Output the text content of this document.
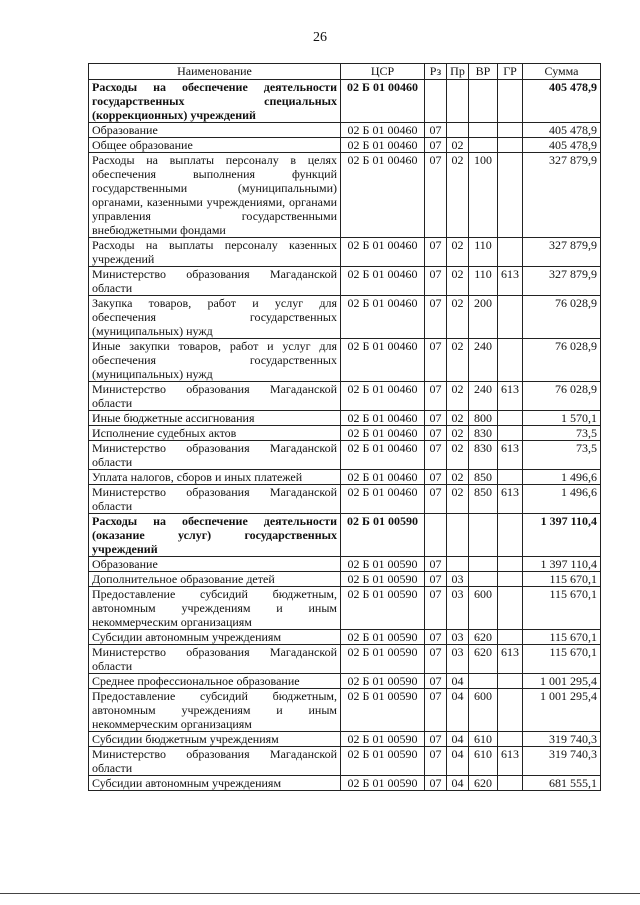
26
Наименование	ЦСР	Рз	Пр	ВР	ГР	Сумма
Расходы на обеспечение деятельности государственных специальных (коррекционных) учреждений	02 Б 01 00460					405 478,9
Образование	02 Б 01 00460	07				405 478,9
Общее образование	02 Б 01 00460	07	02			405 478,9
Расходы на выплаты персоналу в целях обеспечения выполнения функций государственными (муниципальными) органами, казенными учреждениями, органами управления государственными внебюджетными фондами	02 Б 01 00460	07	02	100		327 879,9
Расходы на выплаты персоналу казенных учреждений	02 Б 01 00460	07	02	110		327 879,9
Министерство образования Магаданской области	02 Б 01 00460	07	02	110	613	327 879,9
Закупка товаров, работ и услуг для обеспечения государственных (муниципальных) нужд	02 Б 01 00460	07	02	200		76 028,9
Иные закупки товаров, работ и услуг для обеспечения государственных (муниципальных) нужд	02 Б 01 00460	07	02	240		76 028,9
Министерство образования Магаданской области	02 Б 01 00460	07	02	240	613	76 028,9
Иные бюджетные ассигнования	02 Б 01 00460	07	02	800		1 570,1
Исполнение судебных актов	02 Б 01 00460	07	02	830		73,5
Министерство образования Магаданской области	02 Б 01 00460	07	02	830	613	73,5
Уплата налогов, сборов и иных платежей	02 Б 01 00460	07	02	850		1 496,6
Министерство образования Магаданской области	02 Б 01 00460	07	02	850	613	1 496,6
Расходы на обеспечение деятельности (оказание услуг) государственных учреждений	02 Б 01 00590					1 397 110,4
Образование	02 Б 01 00590	07				1 397 110,4
Дополнительное образование детей	02 Б 01 00590	07	03			115 670,1
Предоставление субсидий бюджетным, автономным учреждениям и иным некоммерческим организациям	02 Б 01 00590	07	03	600		115 670,1
Субсидии автономным учреждениям	02 Б 01 00590	07	03	620		115 670,1
Министерство образования Магаданской области	02 Б 01 00590	07	03	620	613	115 670,1
Среднее профессиональное образование	02 Б 01 00590	07	04			1 001 295,4
Предоставление субсидий бюджетным, автономным учреждениям и иным некоммерческим организациям	02 Б 01 00590	07	04	600		1 001 295,4
Субсидии бюджетным учреждениям	02 Б 01 00590	07	04	610		319 740,3
Министерство образования Магаданской области	02 Б 01 00590	07	04	610	613	319 740,3
Субсидии автономным учреждениям	02 Б 01 00590	07	04	620		681 555,1
